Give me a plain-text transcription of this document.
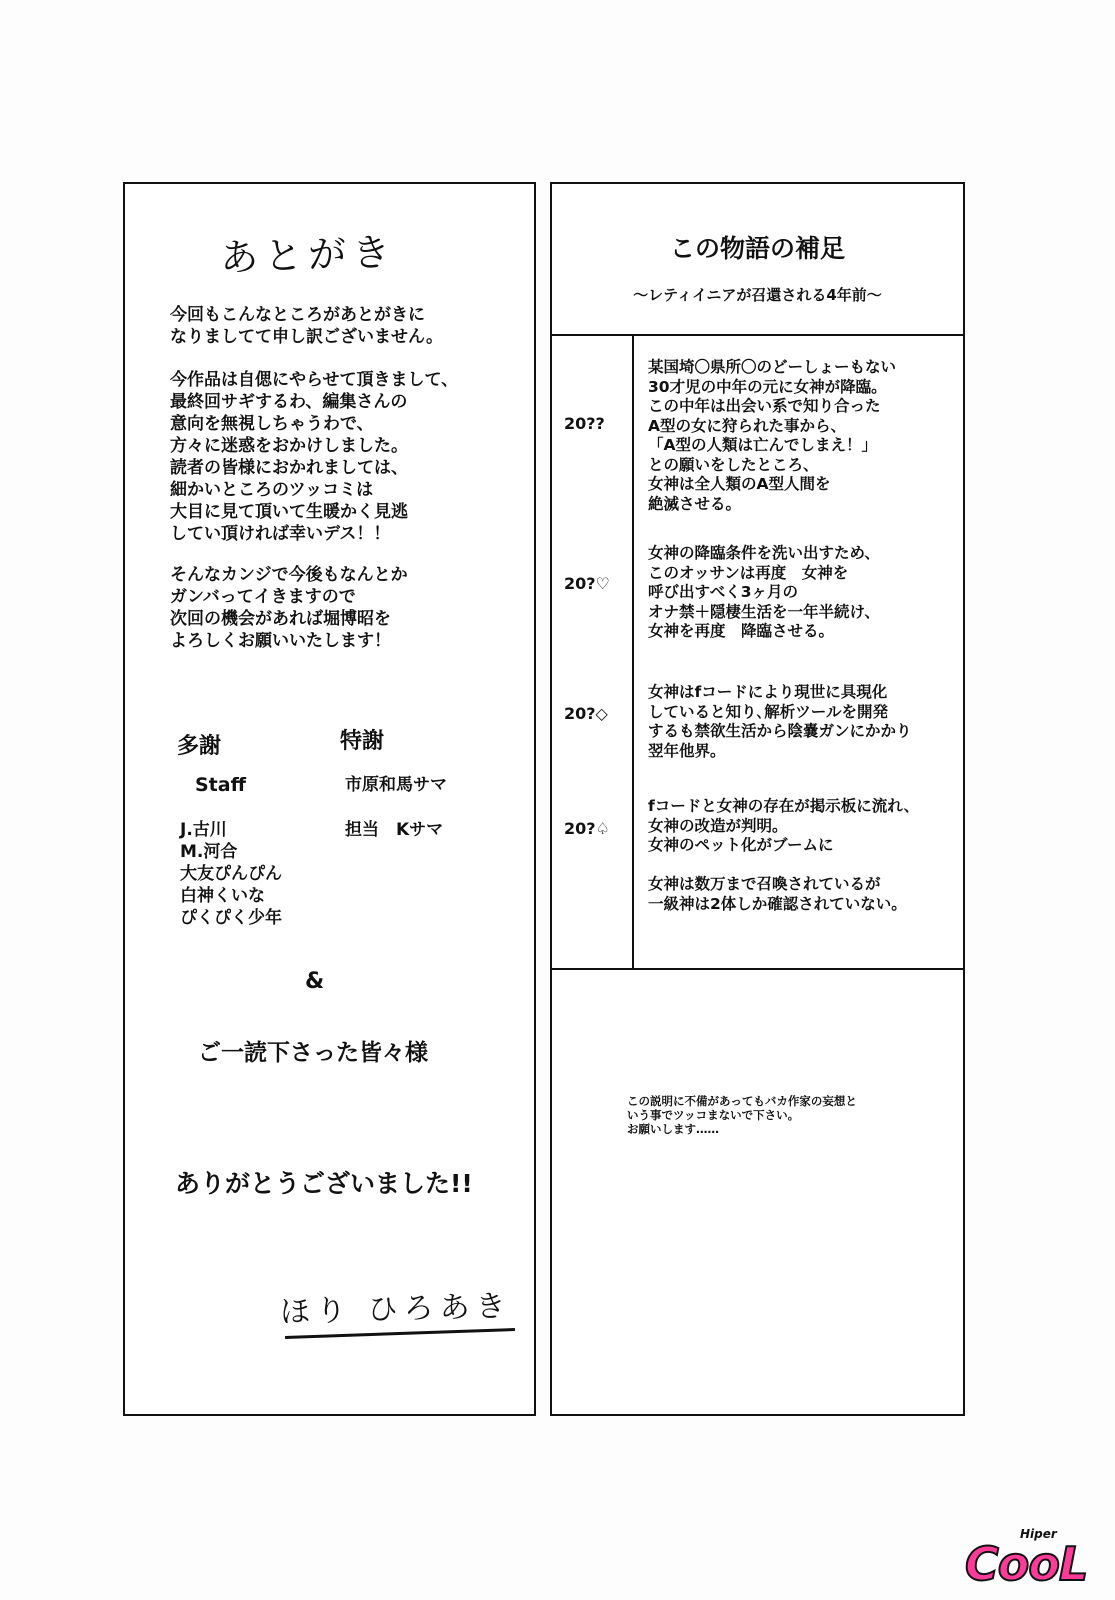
あとがき
今回もこんなところがあとがきに
なりましてて申し訳ございません。
今作品は自偲にやらせて頂きまして、
最終回サギするわ、編集さんの
意向を無視しちゃうわで、
方々に迷惑をおかけしました。
読者の皆様におかれましては、
細かいところのツッコミは
大目に見て頂いて生暖かく見逃
してい頂ければ幸いデス！！
そんなカンジで今後もなんとか
ガンバってイきますので
次回の機会があれば堀博昭を
よろしくお願いいたします！
多謝	特謝
Staff
J.古川
M.河合
大友ぴんぴん
白神くいな
ぴくぴく少年
市原和馬サマ
担当　Kサマ
&
ご一読下さった皆々様
ありがとうございました!!
ほり ひろあき
この物語の補足
〜レティイニアが召還される4年前〜
20??
某国埼〇県所〇のどーしょーもない
30才児の中年の元に女神が降臨。
この中年は出会い系で知り合った
A型の女に狩られた事から、
「A型の人類は亡んでしまえ！」
との願いをしたところ、
女神は全人類のA型人間を
絶滅させる。
20?♡
女神の降臨条件を洗い出すため、
このオッサンは再度　女神を
呼び出すべく3ヶ月の
オナ禁＋隠棲生活を一年半続け、
女神を再度　降臨させる。
20?◇
女神はfコードにより現世に具現化
していると知り､解析ツールを開発
するも禁欲生活から陰嚢ガンにかかり
翌年他界。
20?♤
fコードと女神の存在が掲示板に流れ、
女神の改造が判明。
女神のペット化がブームに
女神は数万まで召喚されているが
一級神は2体しか確認されていない。
この説明に不備があってもバカ作家の妄想と
いう事でツッコまないで下さい。
お願いします……
CooL
Hiper
